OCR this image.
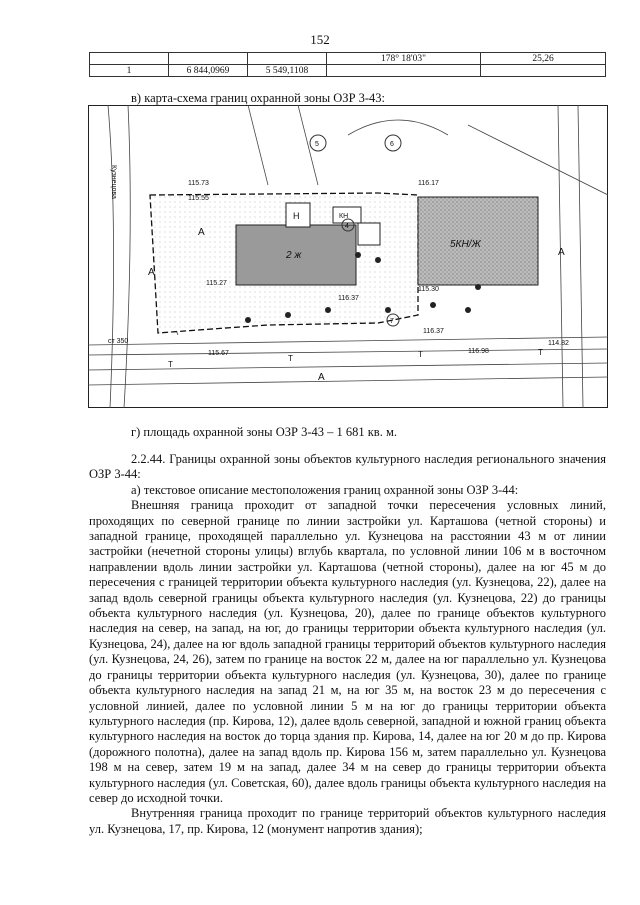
152
			178° 18'03"	25,26
1	6 844,0969	5 549,1108		
в) карта-схема границ охранной зоны ОЗР 3-43:
Кузнецова
2 ж
Н	КН
5КН/Ж
А
А
А
А
5	6
4
7
115.73
115.55
116.17
115.27
115.30
116.98
116.37
115.67
116.37
114.82
ст 350
Т
Т	Т	Т
г) площадь охранной зоны ОЗР 3-43 – 1 681 кв. м.

2.2.44. Границы охранной зоны объектов культурного наследия регионального значения ОЗР 3-44:

а) текстовое описание местоположения границ охранной зоны ОЗР 3-44:

Внешняя граница проходит от западной точки пересечения условных линий, проходящих по северной границе по линии застройки ул. Карташова (четной стороны) и западной границе, проходящей параллельно ул. Кузнецова на расстоянии 43 м от линии застройки (нечетной стороны улицы) вглубь квартала, по условной линии 106 м в восточном направлении вдоль линии застройки ул. Карташова (четной стороны), далее на юг 45 м до пересечения с границей территории объекта культурного наследия (ул. Кузнецова, 22), далее на запад вдоль северной границы объекта культурного наследия (ул. Кузнецова, 22) до границы объекта культурного наследия (ул. Кузнецова, 20), далее по границе объектов культурного наследия на север, на запад, на юг, до границы территории объекта культурного наследия (ул. Кузнецова, 24), далее на юг вдоль западной границы территорий объектов культурного наследия (ул. Кузнецова, 24, 26), затем по границе на восток 22 м, далее на юг параллельно ул. Кузнецова до границы территории объекта культурного наследия (ул. Кузнецова, 30), далее по границе объекта культурного наследия на запад 21 м, на юг 35 м, на восток 23 м до пересечения с условной линией, далее по условной линии 5 м на юг до границы территории объекта культурного наследия (пр. Кирова, 12), далее вдоль северной, западной и южной границ объекта культурного наследия на восток до торца здания пр. Кирова, 14, далее на юг 20 м до пр. Кирова (дорожного полотна), далее на запад вдоль пр. Кирова 156 м, затем параллельно ул. Кузнецова 198 м на север, затем 19 м на запад, далее 34 м на север до границы территории объекта культурного наследия (ул. Советская, 60), далее вдоль границы объекта культурного наследия на север до исходной точки.

Внутренняя граница проходит по границе территорий объектов культурного наследия ул. Кузнецова, 17, пр. Кирова, 12 (монумент напротив здания);
